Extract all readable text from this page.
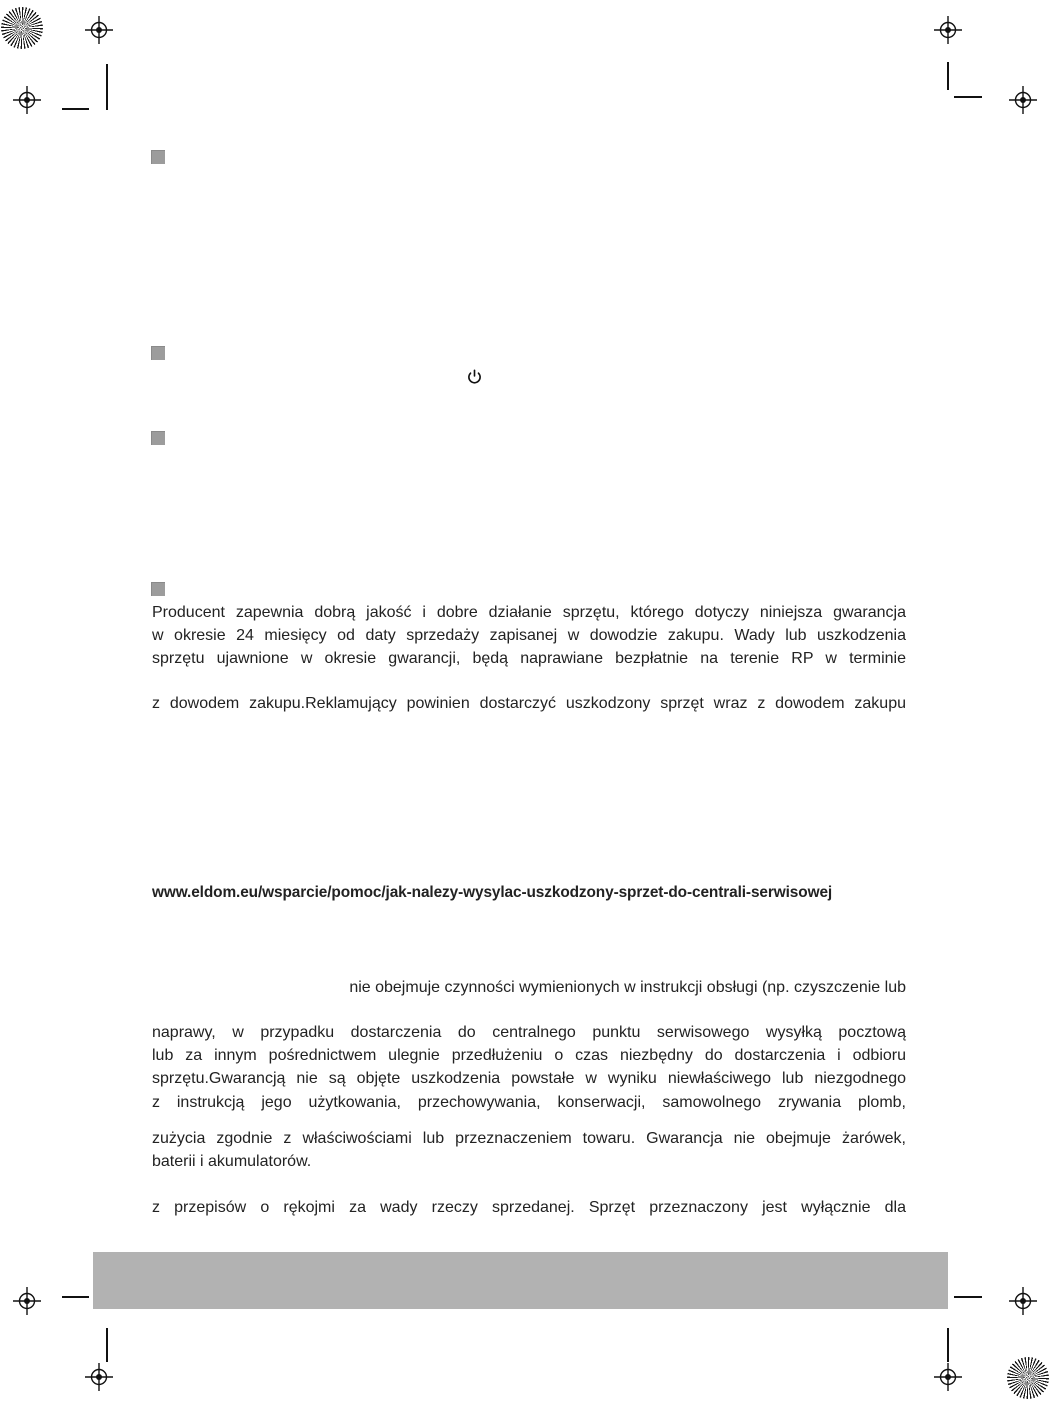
Producent zapewnia dobrą jakość i dobre działanie sprzętu, którego dotyczy niniejsza gwarancja
w okresie 24 miesięcy od daty sprzedaży zapisanej w dowodzie zakupu. Wady lub uszkodzenia
sprzętu ujawnione w okresie gwarancji, będą naprawiane bezpłatnie na terenie RP w terminie
z dowodem zakupu.Reklamujący powinien dostarczyć uszkodzony sprzęt wraz z dowodem zakupu
www.eldom.eu/wsparcie/pomoc/jak-nalezy-wysylac-uszkodzony-sprzet-do-centrali-serwisowej
nie obejmuje czynności wymienionych w instrukcji obsługi (np. czyszczenie lub
naprawy, w przypadku dostarczenia do centralnego punktu serwisowego wysyłką pocztową
lub za innym pośrednictwem ulegnie przedłużeniu o czas niezbędny do dostarczenia i odbioru
sprzętu.Gwarancją nie są objęte uszkodzenia powstałe w wyniku niewłaściwego lub niezgodnego
z instrukcją jego użytkowania, przechowywania, konserwacji, samowolnego zrywania plomb,
zużycia zgodnie z właściwościami lub przeznaczeniem towaru. Gwarancja nie obejmuje żarówek,
baterii i akumulatorów.
z przepisów o rękojmi za wady rzeczy sprzedanej. Sprzęt przeznaczony jest wyłącznie dla
